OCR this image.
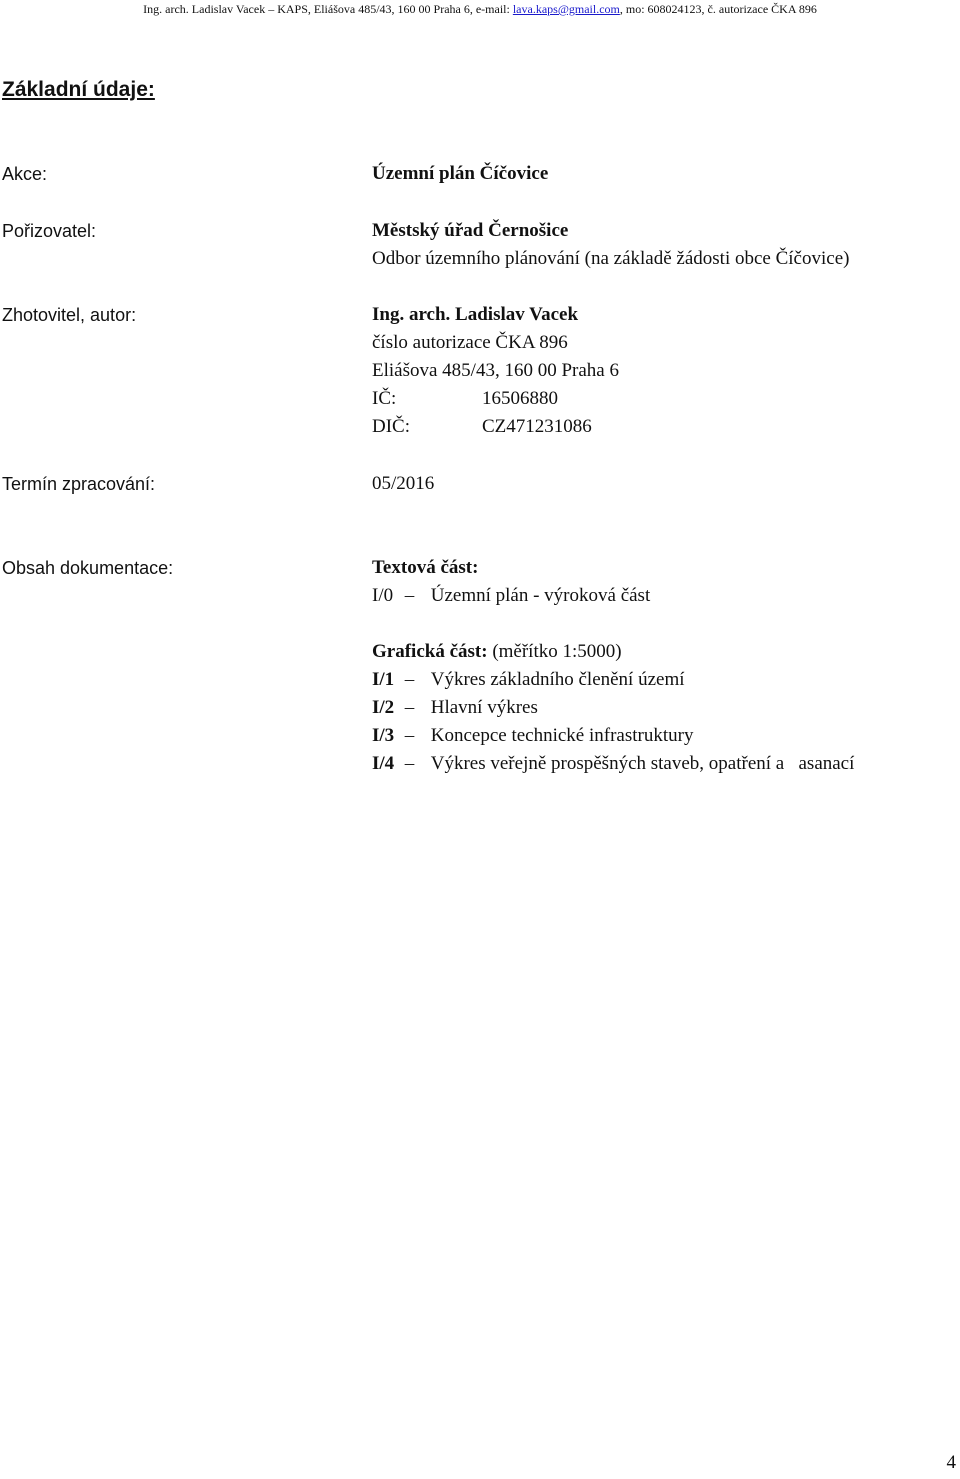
Ing. arch. Ladislav Vacek – KAPS, Eliášova 485/43, 160 00 Praha 6, e-mail: lava.kaps@gmail.com, mo: 608024123, č. autorizace ČKA 896
Základní údaje:
Akce:	Územní plán Číčovice
Pořizovatel:	Městský úřad Černošice
Odbor územního plánování (na základě žádosti obce Číčovice)
Zhotovitel, autor:	Ing. arch. Ladislav Vacek
číslo autorizace ČKA 896
Eliášova 485/43, 160 00 Praha 6
IČ:	16506880
DIČ:	CZ471231086
Termín zpracování:	05/2016
Obsah dokumentace:	Textová část:
I/0 – Územní plán - výroková část
Grafická část: (měřítko 1:5000)
I/1 – Výkres základního členění území
I/2 – Hlavní výkres
I/3 – Koncepce technické infrastruktury
I/4 – Výkres veřejně prospěšných staveb, opatření a   asanací
4
